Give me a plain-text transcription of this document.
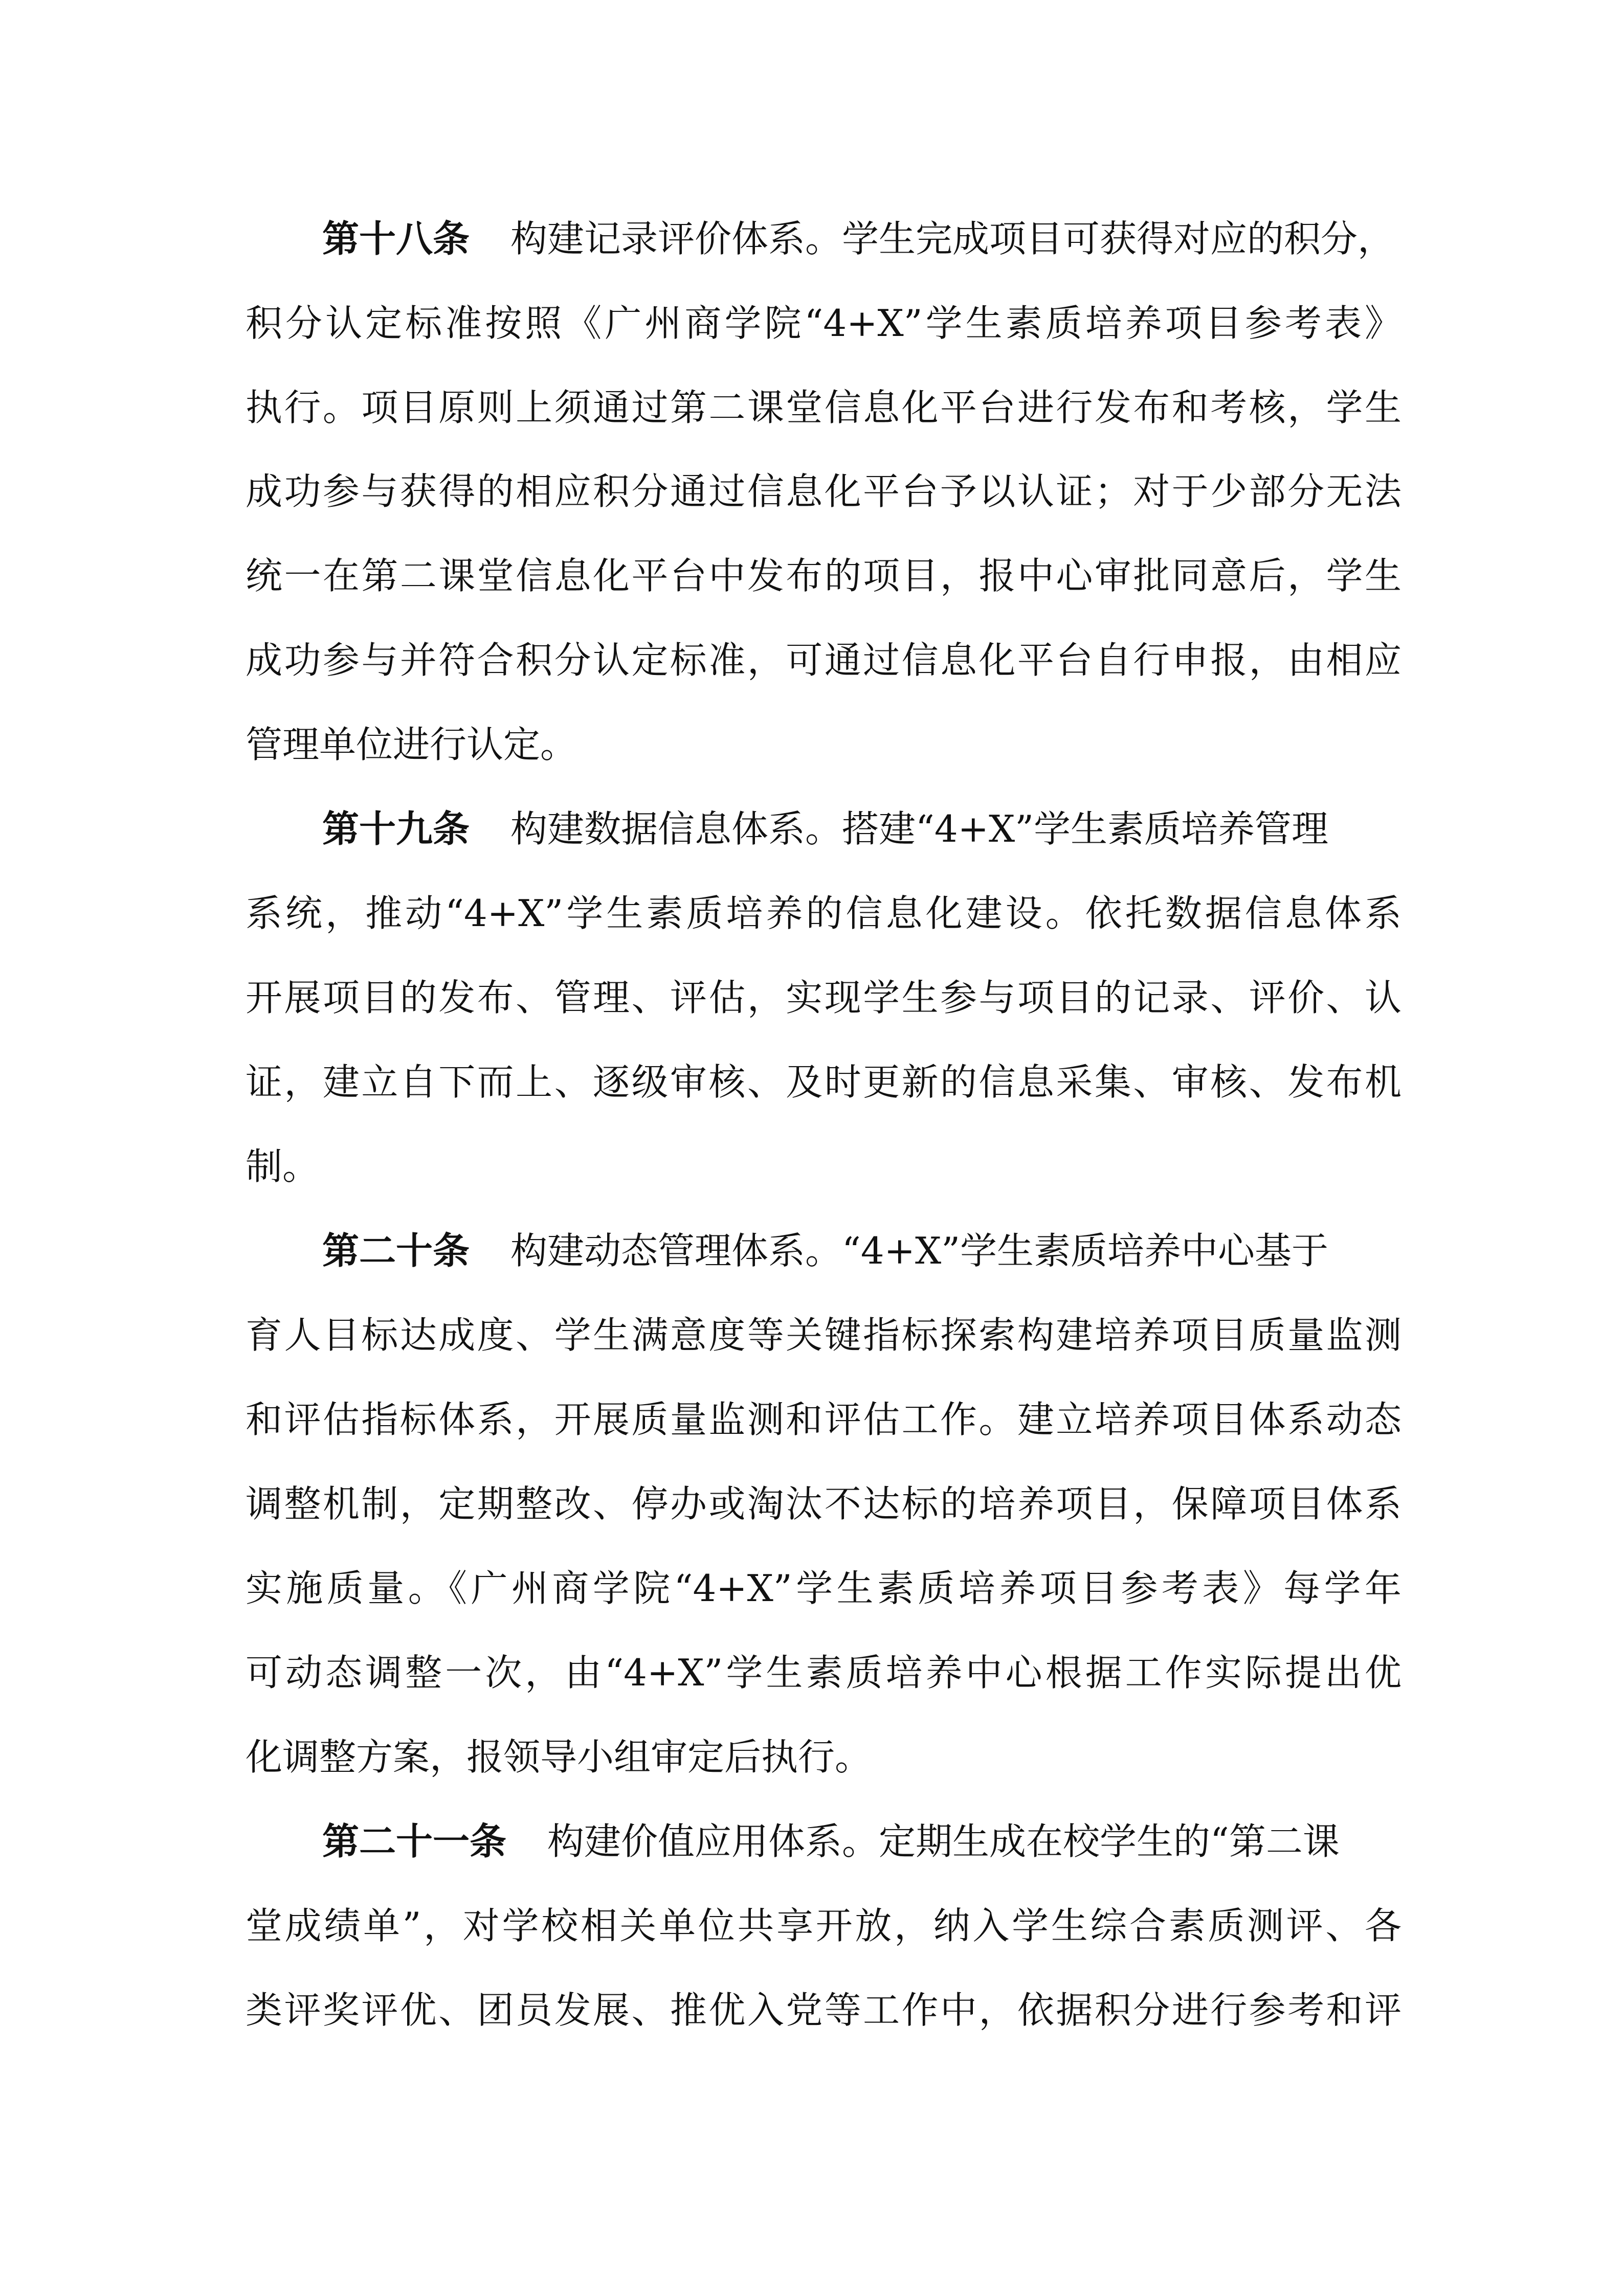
第十八条 构建记录评价体系。学生完成项目可获得对应的积分，
积分认定标准按照《广州商学院“4+X”学生素质培养项目参考表》
执行。项目原则上须通过第二课堂信息化平台进行发布和考核，学生
成功参与获得的相应积分通过信息化平台予以认证；对于少部分无法
统一在第二课堂信息化平台中发布的项目，报中心审批同意后，学生
成功参与并符合积分认定标准，可通过信息化平台自行申报，由相应
管理单位进行认定。
第十九条 构建数据信息体系。搭建“4+X”学生素质培养管理
系统，推动“4+X”学生素质培养的信息化建设。依托数据信息体系
开展项目的发布、管理、评估，实现学生参与项目的记录、评价、认
证，建立自下而上、逐级审核、及时更新的信息采集、审核、发布机
制。
第二十条 构建动态管理体系。“4+X”学生素质培养中心基于
育人目标达成度、学生满意度等关键指标探索构建培养项目质量监测
和评估指标体系，开展质量监测和评估工作。建立培养项目体系动态
调整机制，定期整改、停办或淘汰不达标的培养项目，保障项目体系
实施质量。《广州商学院“4+X”学生素质培养项目参考表》每学年
可动态调整一次，由“4+X”学生素质培养中心根据工作实际提出优
化调整方案，报领导小组审定后执行。
第二十一条 构建价值应用体系。定期生成在校学生的“第二课
堂成绩单”，对学校相关单位共享开放，纳入学生综合素质测评、各
类评奖评优、团员发展、推优入党等工作中，依据积分进行参考和评
